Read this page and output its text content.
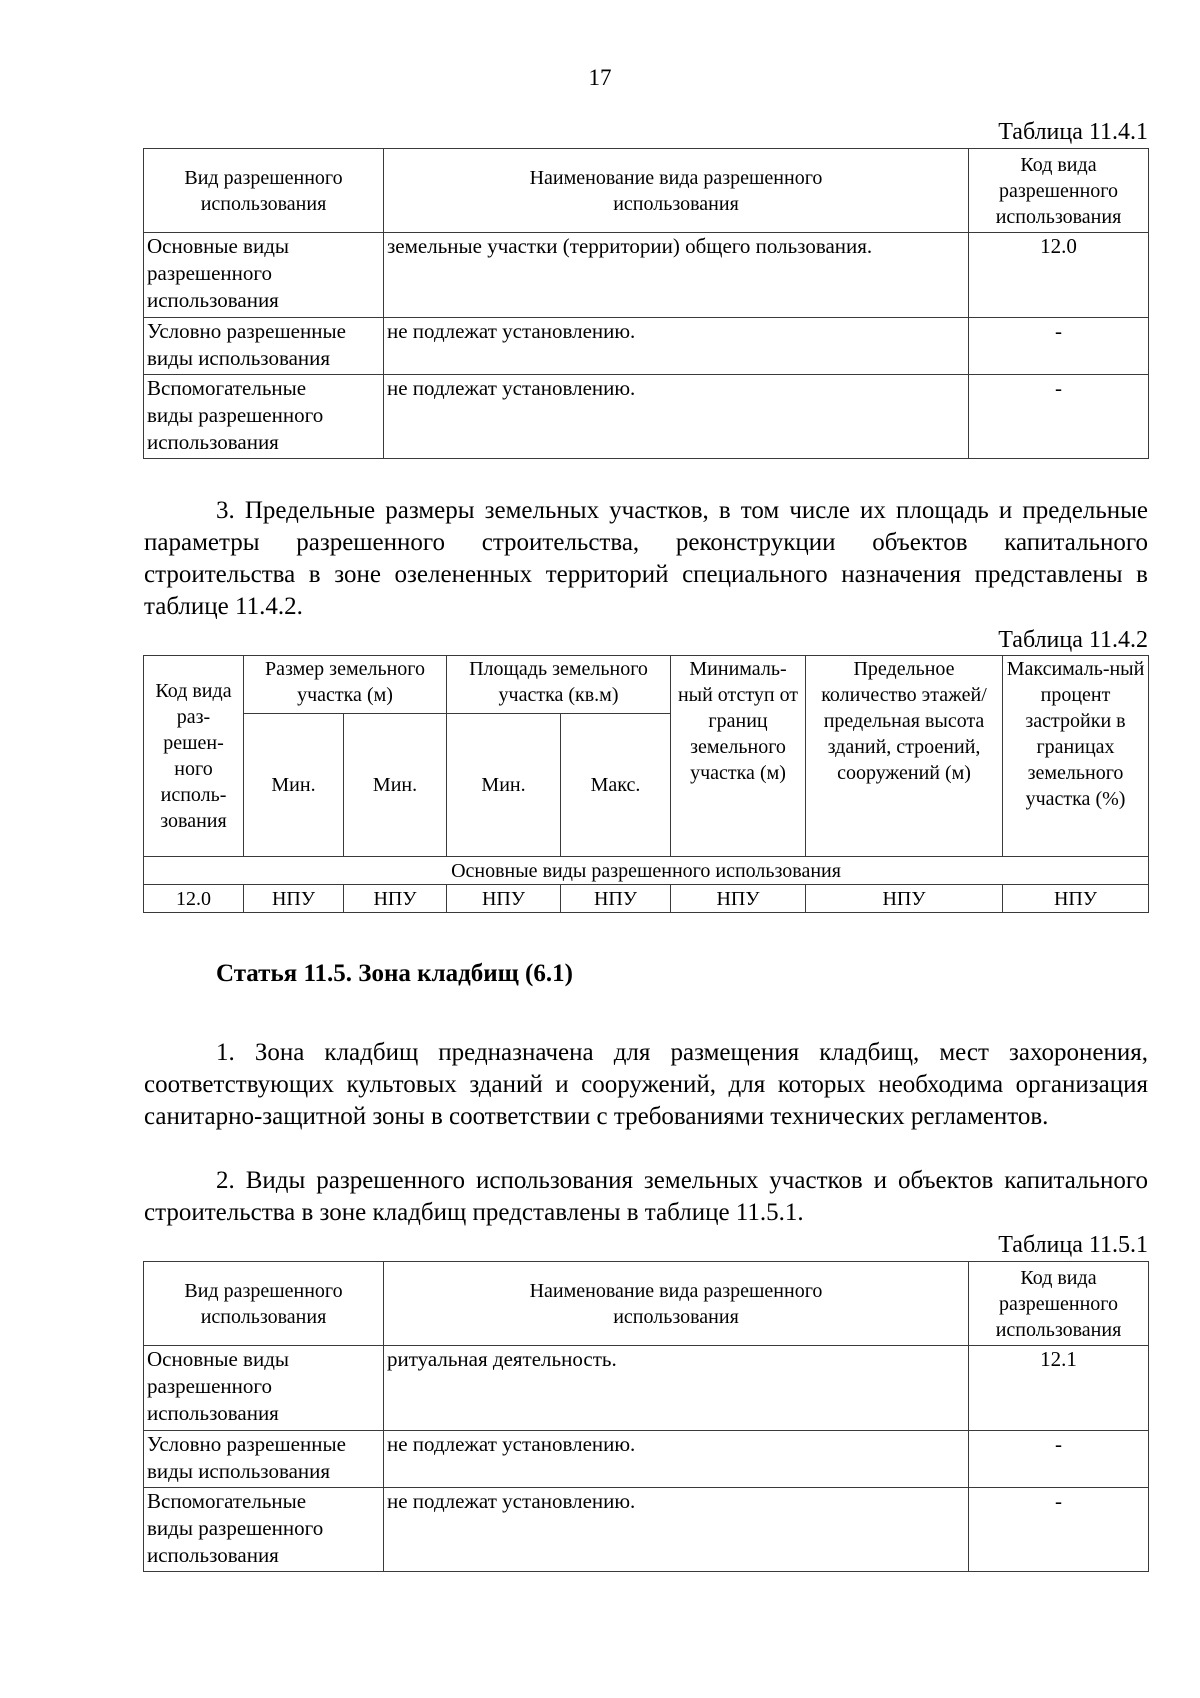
17
Таблица 11.4.1
Вид разрешенного использования	Наименование вида разрешенного использования	Код вида разрешенного использования
Основные виды разрешенного использования	земельные участки (территории) общего пользования.	12.0
Условно разрешенные виды использования	не подлежат установлению.	-
Вспомогательные виды разрешенного использования	не подлежат установлению.	-
3. Предельные размеры земельных участков, в том числе их площадь и предельные параметры разрешенного строительства, реконструкции объектов капитального строительства в зоне озелененных территорий специального назначения представлены в таблице 11.4.2.
Таблица 11.4.2
Код вида раз-решен-ного исполь-зования	Размер земельного участка (м)		Площадь земельного участка (кв.м)		Минималь-ный отступ от границ земельного участка (м)	Предельное количество этажей/ предельная высота зданий, строений, сооружений (м)	Максималь-ный процент застройки в границах земельного участка (%)
	Мин.	Мин.	Мин.	Макс.			
Основные виды разрешенного использования							
12.0	НПУ	НПУ	НПУ	НПУ	НПУ	НПУ	НПУ
Статья 11.5. Зона кладбищ (6.1)
1. Зона кладбищ предназначена для размещения кладбищ, мест захоронения, соответствующих культовых зданий и сооружений, для которых необходима организация санитарно-защитной зоны в соответствии с требованиями технических регламентов.
2. Виды разрешенного использования земельных участков и объектов капитального строительства в зоне кладбищ представлены в таблице 11.5.1.
Таблица 11.5.1
Вид разрешенного использования	Наименование вида разрешенного использования	Код вида разрешенного использования
Основные виды разрешенного использования	ритуальная деятельность.	12.1
Условно разрешенные виды использования	не подлежат установлению.	-
Вспомогательные виды разрешенного использования	не подлежат установлению.	-
